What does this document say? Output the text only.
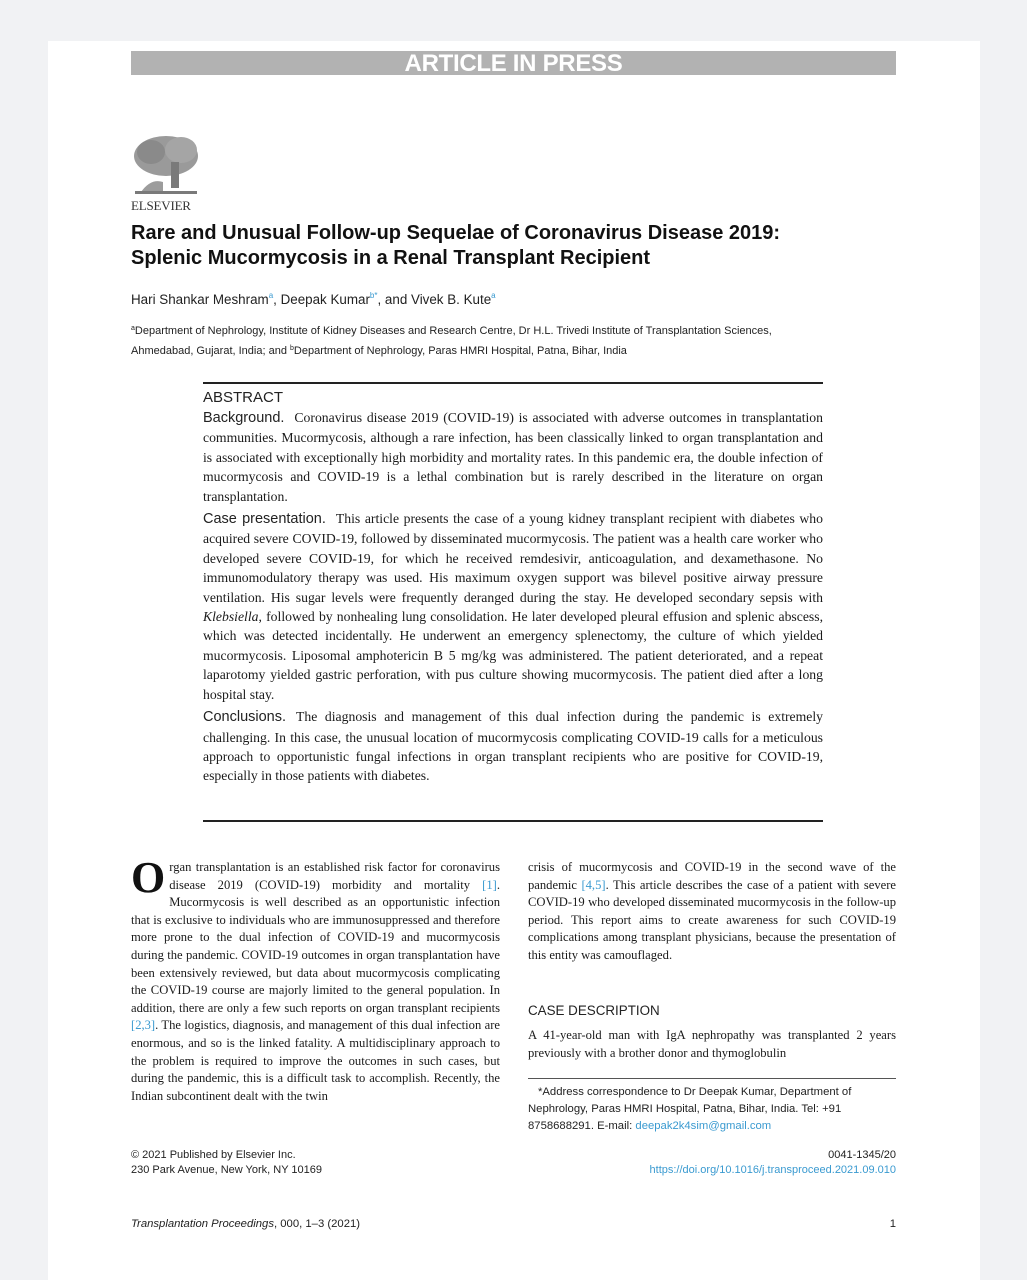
ARTICLE IN PRESS
ELSEVIER
Rare and Unusual Follow-up Sequelae of Coronavirus Disease 2019:
Splenic Mucormycosis in a Renal Transplant Recipient
Hari Shankar Meshram$^a$, Deepak Kumar$^{b*}$, and Vivek B. Kute$^a$
$^a$Department of Nephrology, Institute of Kidney Diseases and Research Centre, Dr H.L. Trivedi Institute of Transplantation Sciences,
Ahmedabad, Gujarat, India; and $^b$Department of Nephrology, Paras HMRI Hospital, Patna, Bihar, India
ABSTRACT
Background. Coronavirus disease 2019 (COVID-19) is associated with adverse outcomes in transplantation communities. Mucormycosis, although a rare infection, has been classically linked to organ transplantation and is associated with exceptionally high morbidity and mortality rates. In this pandemic era, the double infection of mucormycosis and COVID-19 is a lethal combination but is rarely described in the literature on organ transplantation.
Case presentation. This article presents the case of a young kidney transplant recipient with diabetes who acquired severe COVID-19, followed by disseminated mucormycosis. The patient was a health care worker who developed severe COVID-19, for which he received remdesivir, anticoagulation, and dexamethasone. No immunomodulatory therapy was used. His maximum oxygen support was bilevel positive airway pressure ventilation. His sugar levels were frequently deranged during the stay. He developed secondary sepsis with Klebsiella, followed by nonhealing lung consolidation. He later developed pleural effusion and splenic abscess, which was detected incidentally. He underwent an emergency splenectomy, the culture of which yielded mucormycosis. Liposomal amphotericin B 5 mg/kg was administered. The patient deteriorated, and a repeat laparotomy yielded gastric perforation, with pus culture showing mucormycosis. The patient died after a long hospital stay.
Conclusions. The diagnosis and management of this dual infection during the pandemic is extremely challenging. In this case, the unusual location of mucormycosis complicating COVID-19 calls for a meticulous approach to opportunistic fungal infections in organ transplant recipients who are positive for COVID-19, especially in those patients with diabetes.
Organ transplantation is an established risk factor for coronavirus disease 2019 (COVID-19) morbidity and mortality [1]. Mucormycosis is well described as an opportunistic infection that is exclusive to individuals who are immunosuppressed and therefore more prone to the dual infection of COVID-19 and mucormycosis during the pandemic. COVID-19 outcomes in organ transplantation have been extensively reviewed, but data about mucormycosis complicating the COVID-19 course are majorly limited to the general population. In addition, there are only a few such reports on organ transplant recipients [2,3]. The logistics, diagnosis, and management of this dual infection are enormous, and so is the linked fatality. A multidisciplinary approach to the problem is required to improve the outcomes in such cases, but during the pandemic, this is a difficult task to accomplish. Recently, the Indian subcontinent dealt with the twin
crisis of mucormycosis and COVID-19 in the second wave of the pandemic [4,5]. This article describes the case of a patient with severe COVID-19 who developed disseminated mucormycosis in the follow-up period. This report aims to create awareness for such COVID-19 complications among transplant physicians, because the presentation of this entity was camouflaged.
CASE DESCRIPTION
A 41-year-old man with IgA nephropathy was transplanted 2 years previously with a brother donor and thymoglobulin
*Address correspondence to Dr Deepak Kumar, Department of Nephrology, Paras HMRI Hospital, Patna, Bihar, India. Tel: +91 8758688291. E-mail: deepak2k4sim@gmail.com
© 2021 Published by Elsevier Inc.
230 Park Avenue, New York, NY 10169
0041-1345/20
https://doi.org/10.1016/j.transproceed.2021.09.010
Transplantation Proceedings, 000, 1–3 (2021)	1
